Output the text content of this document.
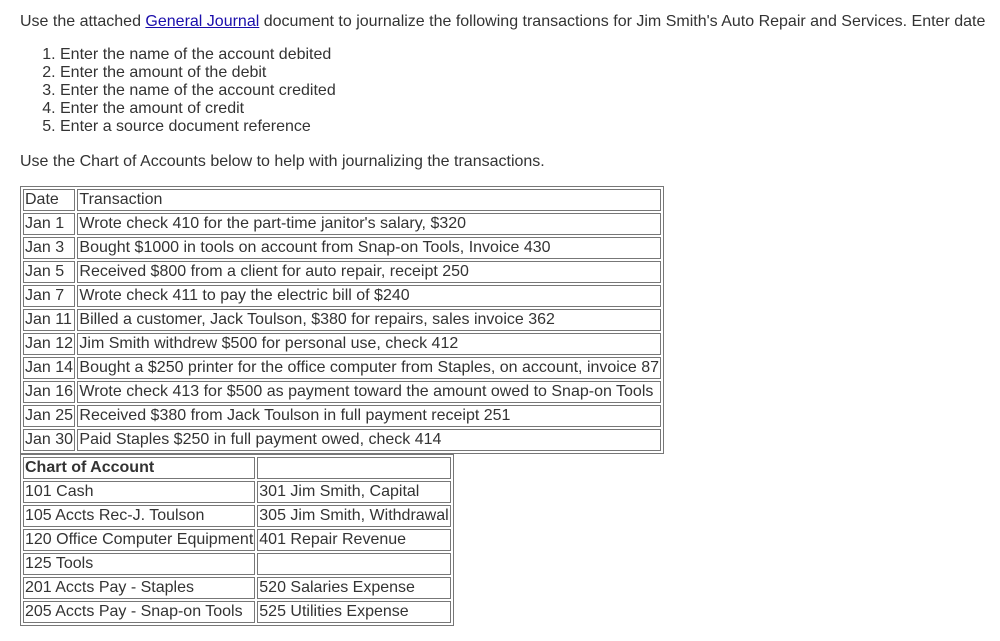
Use the attached General Journal document to journalize the following transactions for Jim Smith's Auto Repair and Services. Enter date
1. Enter the name of the account debited
2. Enter the amount of the debit
3. Enter the name of the account credited
4. Enter the amount of credit
5. Enter a source document reference
Use the Chart of Accounts below to help with journalizing the transactions.
Date	Transaction
Jan 1	Wrote check 410 for the part-time janitor's salary, $320
Jan 3	Bought $1000 in tools on account from Snap-on Tools, Invoice 430
Jan 5	Received $800 from a client for auto repair, receipt 250
Jan 7	Wrote check 411 to pay the electric bill of $240
Jan 11	Billed a customer, Jack Toulson, $380 for repairs, sales invoice 362
Jan 12	Jim Smith withdrew $500 for personal use, check 412
Jan 14	Bought a $250 printer for the office computer from Staples, on account, invoice 87
Jan 16	Wrote check 413 for $500 as payment toward the amount owed to Snap-on Tools
Jan 25	Received $380 from Jack Toulson in full payment receipt 251
Jan 30	Paid Staples $250 in full payment owed, check 414
Chart of Account	
101 Cash	301 Jim Smith, Capital
105 Accts Rec-J. Toulson	305 Jim Smith, Withdrawal
120 Office Computer Equipment	401 Repair Revenue
125 Tools	
201 Accts Pay - Staples	520 Salaries Expense
205 Accts Pay - Snap-on Tools	525 Utilities Expense
